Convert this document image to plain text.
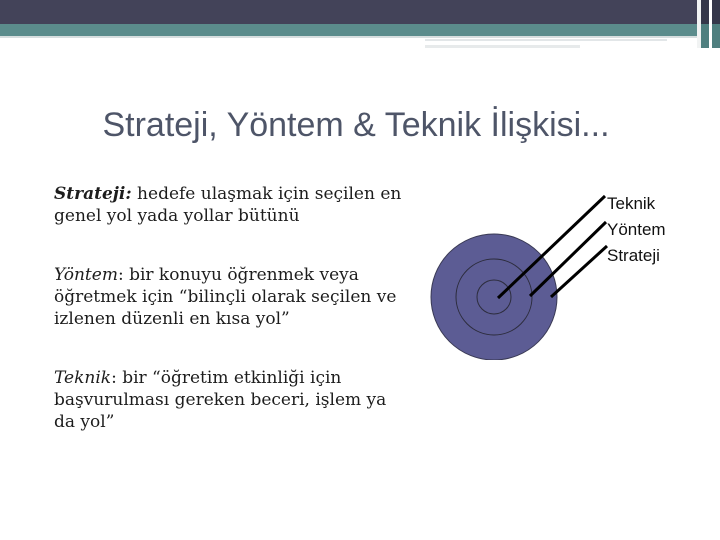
Strateji, Yöntem & Teknik İlişkisi...

Strateji: hedefe ulaşmak için seçilen en genel yol yada yollar bütünü

Yöntem: bir konuyu öğrenmek veya öğretmek için “bilinçli olarak seçilen ve izlenen düzenli en kısa yol”

Teknik: bir “öğretim etkinliği için başvurulması gereken beceri, işlem ya da yol”

Teknik
Yöntem
Strateji
